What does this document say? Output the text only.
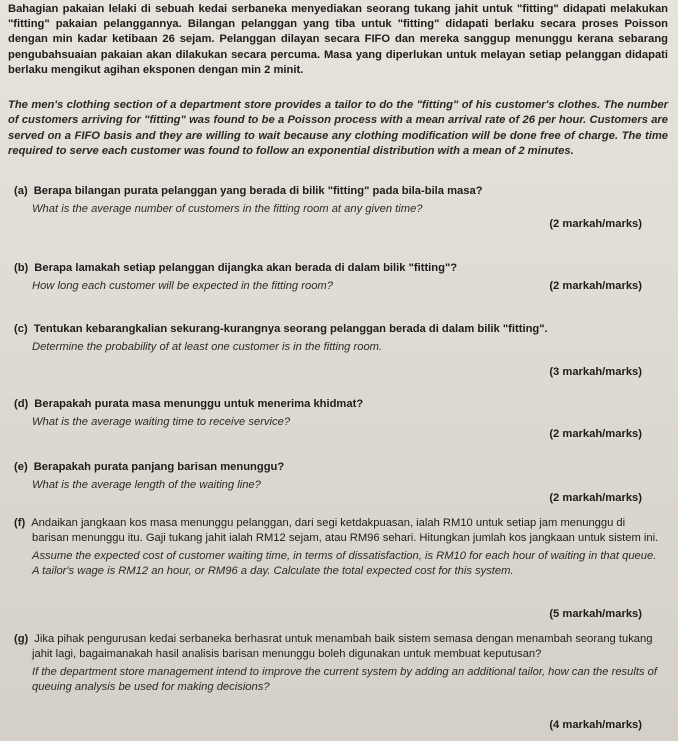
Bahagian pakaian lelaki di sebuah kedai serbaneka menyediakan seorang tukang jahit untuk "fitting" didapati melakukan "fitting" pakaian pelanggannya. Bilangan pelanggan yang tiba untuk "fitting" didapati berlaku secara proses Poisson dengan min kadar ketibaan 26 sejam. Pelanggan dilayan secara FIFO dan mereka sanggup menunggu kerana sebarang pengubahsuaian pakaian akan dilakukan secara percuma. Masa yang diperlukan untuk melayan setiap pelanggan didapati berlaku mengikut agihan eksponen dengan min 2 minit.

The men's clothing section of a department store provides a tailor to do the "fitting" of his customer's clothes. The number of customers arriving for "fitting" was found to be a Poisson process with a mean arrival rate of 26 per hour. Customers are served on a FIFO basis and they are willing to wait because any clothing modification will be done free of charge. The time required to serve each customer was found to follow an exponential distribution with a mean of 2 minutes.

(a) Berapa bilangan purata pelanggan yang berada di bilik "fitting" pada bila-bila masa?

What is the average number of customers in the fitting room at any given time?

(2 markah/marks)

(b) Berapa lamakah setiap pelanggan dijangka akan berada di dalam bilik "fitting"?

How long each customer will be expected in the fitting room?	(2 markah/marks)

(c) Tentukan kebarangkalian sekurang-kurangnya seorang pelanggan berada di dalam bilik "fitting".

Determine the probability of at least one customer is in the fitting room.

(3 markah/marks)

(d) Berapakah purata masa menunggu untuk menerima khidmat?

What is the average waiting time to receive service?

(2 markah/marks)

(e) Berapakah purata panjang barisan menunggu?

What is the average length of the waiting line?

(2 markah/marks)

(f) Andaikan jangkaan kos masa menunggu pelanggan, dari segi ketdakpuasan, ialah RM10 untuk setiap jam menunggu di barisan menunggu itu. Gaji tukang jahit ialah RM12 sejam, atau RM96 sehari. Hitungkan jumlah kos jangkaan untuk sistem ini.

Assume the expected cost of customer waiting time, in terms of dissatisfaction, is RM10 for each hour of waiting in that queue. A tailor's wage is RM12 an hour, or RM96 a day. Calculate the total expected cost for this system.

(5 markah/marks)

(g) Jika pihak pengurusan kedai serbaneka berhasrat untuk menambah baik sistem semasa dengan menambah seorang tukang jahit lagi, bagaimanakah hasil analisis barisan menunggu boleh digunakan untuk membuat keputusan?

If the department store management intend to improve the current system by adding an additional tailor, how can the results of queuing analysis be used for making decisions?

(4 markah/marks)
